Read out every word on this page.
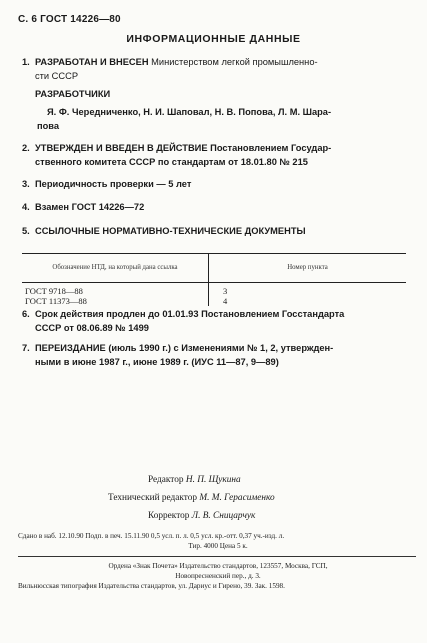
С. 6 ГОСТ 14226—80
ИНФОРМАЦИОННЫЕ ДАННЫЕ
1. РАЗРАБОТАН И ВНЕСЕН Министерством легкой промышленно-
сти СССР
РАЗРАБОТЧИКИ
Я. Ф. Чередниченко, Н. И. Шаповал, Н. В. Попова, Л. М. Шара-
пова
2. УТВЕРЖДЕН И ВВЕДЕН В ДЕЙСТВИЕ Постановлением Государ-
ственного комитета СССР по стандартам от 18.01.80 № 215
3. Периодичность проверки — 5 лет
4. Взамен ГОСТ 14226—72
5. ССЫЛОЧНЫЕ НОРМАТИВНО-ТЕХНИЧЕСКИЕ ДОКУМЕНТЫ
Обозначение НТД, на который дана ссылка	Номер пункта
ГОСТ 9718—88	3
ГОСТ 11373—88	4
6. Срок действия продлен до 01.01.93 Постановлением Госстандарта
СССР от 08.06.89 № 1499
7. ПЕРЕИЗДАНИЕ (июль 1990 г.) с Изменениями № 1, 2, утвержден-
ными в июне 1987 г., июне 1989 г. (ИУС 11—87, 9—89)
Редактор Н. П. Щукина
Технический редактор М. М. Герасименко
Корректор Л. В. Сницарчук
Сдано в наб. 12.10.90 Подп. в печ. 15.11.90 0,5 усл. п. л. 0,5 усл. кр.-отт. 0,37 уч.-изд. л.
Тир. 4000 Цена 5 к.
Ордена «Знак Почета» Издательство стандартов, 123557, Москва, ГСП,
Новопресненский пер., д. 3.
Вильнюсская типография Издательства стандартов, ул. Дариус и Гирено, 39. Зак. 1598.
